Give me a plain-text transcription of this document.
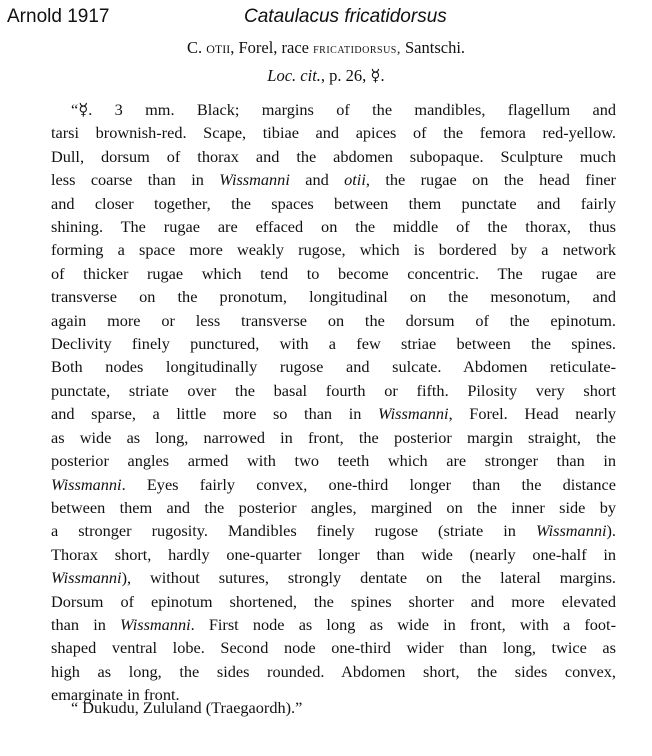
Arnold 1917	Cataulacus fricatidorsus
C. otii, Forel, race fricatidorsus, Santschi.
Loc. cit., p. 26, ☿.
“☿. 3 mm. Black; margins of the mandibles, flagellum and
tarsi brownish-red. Scape, tibiae and apices of the femora red-yellow.
Dull, dorsum of thorax and the abdomen subopaque. Sculpture much
less coarse than in Wissmanni and otii, the rugae on the head finer
and closer together, the spaces between them punctate and fairly
shining. The rugae are effaced on the middle of the thorax, thus
forming a space more weakly rugose, which is bordered by a network
of thicker rugae which tend to become concentric. The rugae are
transverse on the pronotum, longitudinal on the mesonotum, and
again more or less transverse on the dorsum of the epinotum.
Declivity finely punctured, with a few striae between the spines.
Both nodes longitudinally rugose and sulcate. Abdomen reticulate-
punctate, striate over the basal fourth or fifth. Pilosity very short
and sparse, a little more so than in Wissmanni, Forel. Head nearly
as wide as long, narrowed in front, the posterior margin straight, the
posterior angles armed with two teeth which are stronger than in
Wissmanni. Eyes fairly convex, one-third longer than the distance
between them and the posterior angles, margined on the inner side by
a stronger rugosity. Mandibles finely rugose (striate in Wissmanni).
Thorax short, hardly one-quarter longer than wide (nearly one-half in
Wissmanni), without sutures, strongly dentate on the lateral margins.
Dorsum of epinotum shortened, the spines shorter and more elevated
than in Wissmanni. First node as long as wide in front, with a foot-
shaped ventral lobe. Second node one-third wider than long, twice as
high as long, the sides rounded. Abdomen short, the sides convex,
emarginate in front.
“ Dukudu, Zululand (Traegaordh).”
